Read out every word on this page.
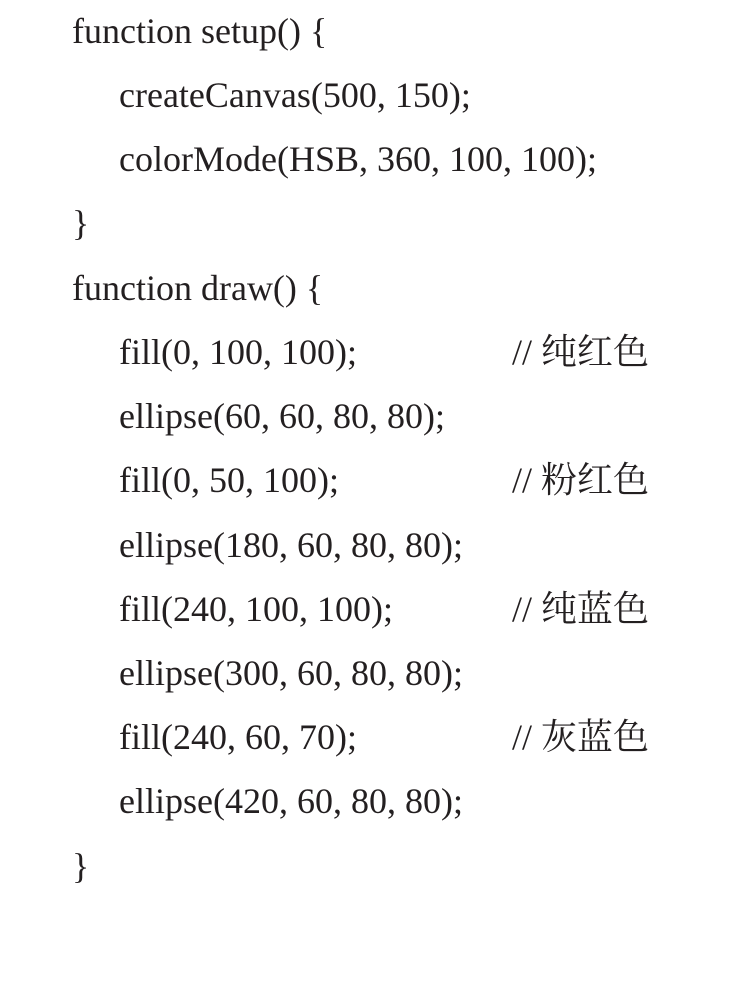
function setup() {

createCanvas(500, 150);

colorMode(HSB, 360, 100, 100);

}

function draw() {

fill(0, 100, 100);

	// 纯红色

ellipse(60, 60, 80, 80);

fill(0, 50, 100);

	// 粉红色

ellipse(180, 60, 80, 80);

fill(240, 100, 100);

	// 纯蓝色

ellipse(300, 60, 80, 80);

fill(240, 60, 70);

	// 灰蓝色

ellipse(420, 60, 80, 80);

}
